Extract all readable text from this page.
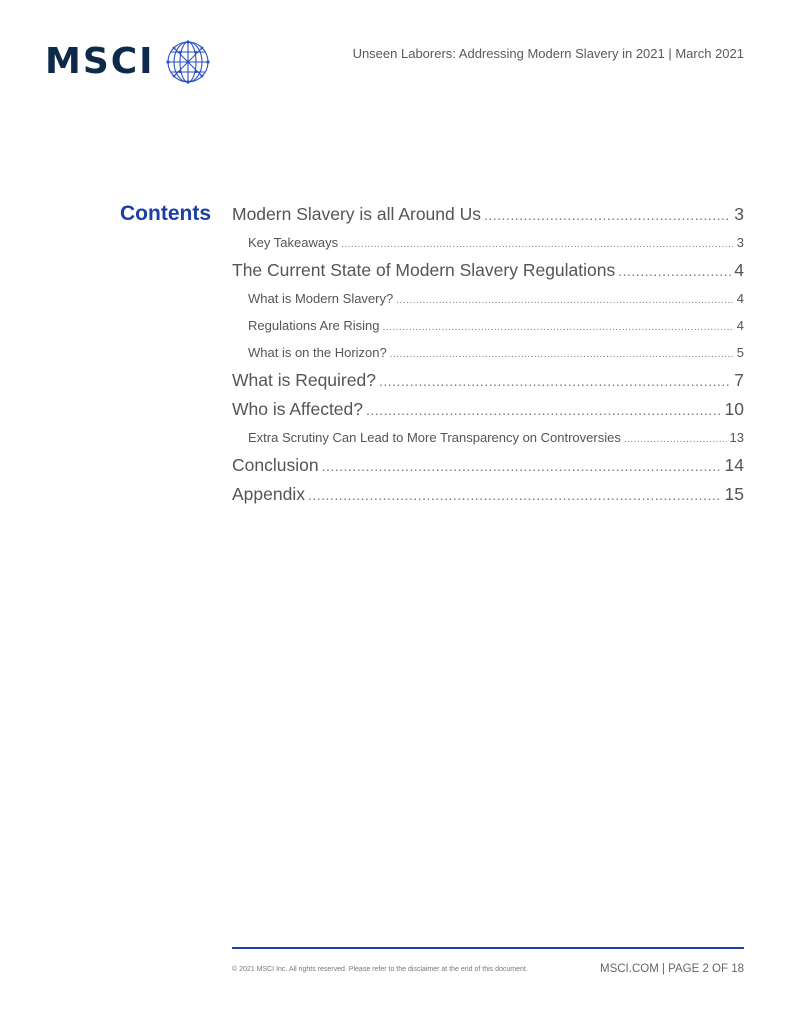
MSCI	Unseen Laborers: Addressing Modern Slavery in 2021 | March 2021
Contents Modern Slavery is all Around Us .....	3
Key Takeaways .....	3
The Current State of Modern Slavery Regulations .....	4
What is Modern Slavery? .....	4
Regulations Are Rising .....	4
What is on the Horizon? .....	5
What is Required? .....	7
Who is Affected? .....	10
Extra Scrutiny Can Lead to More Transparency on Controversies .....	13
Conclusion .....	14
Appendix .....	15
© 2021 MSCI Inc. All rights reserved. Please refer to the disclaimer at the end of this document.	MSCI.COM | PAGE 2 OF 18
